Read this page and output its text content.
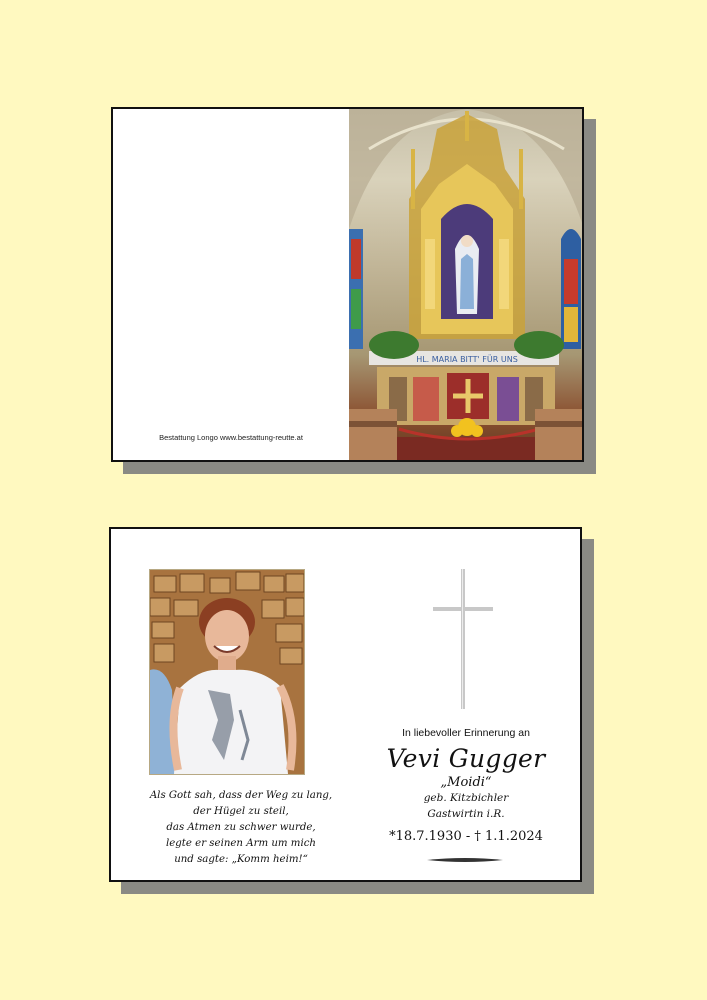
Bestattung Longo www.bestattung-reutte.at
HL. MARIA BITT' FÜR UNS
Als Gott sah, dass der Weg zu lang,
der Hügel zu steil,
das Atmen zu schwer wurde,
legte er seinen Arm um mich
und sagte: „Komm heim!“
In liebevoller Erinnerung an
Vevi Gugger
„Moidi“
geb. Kitzbichler
Gastwirtin i.R.
*18.7.1930 - † 1.1.2024
